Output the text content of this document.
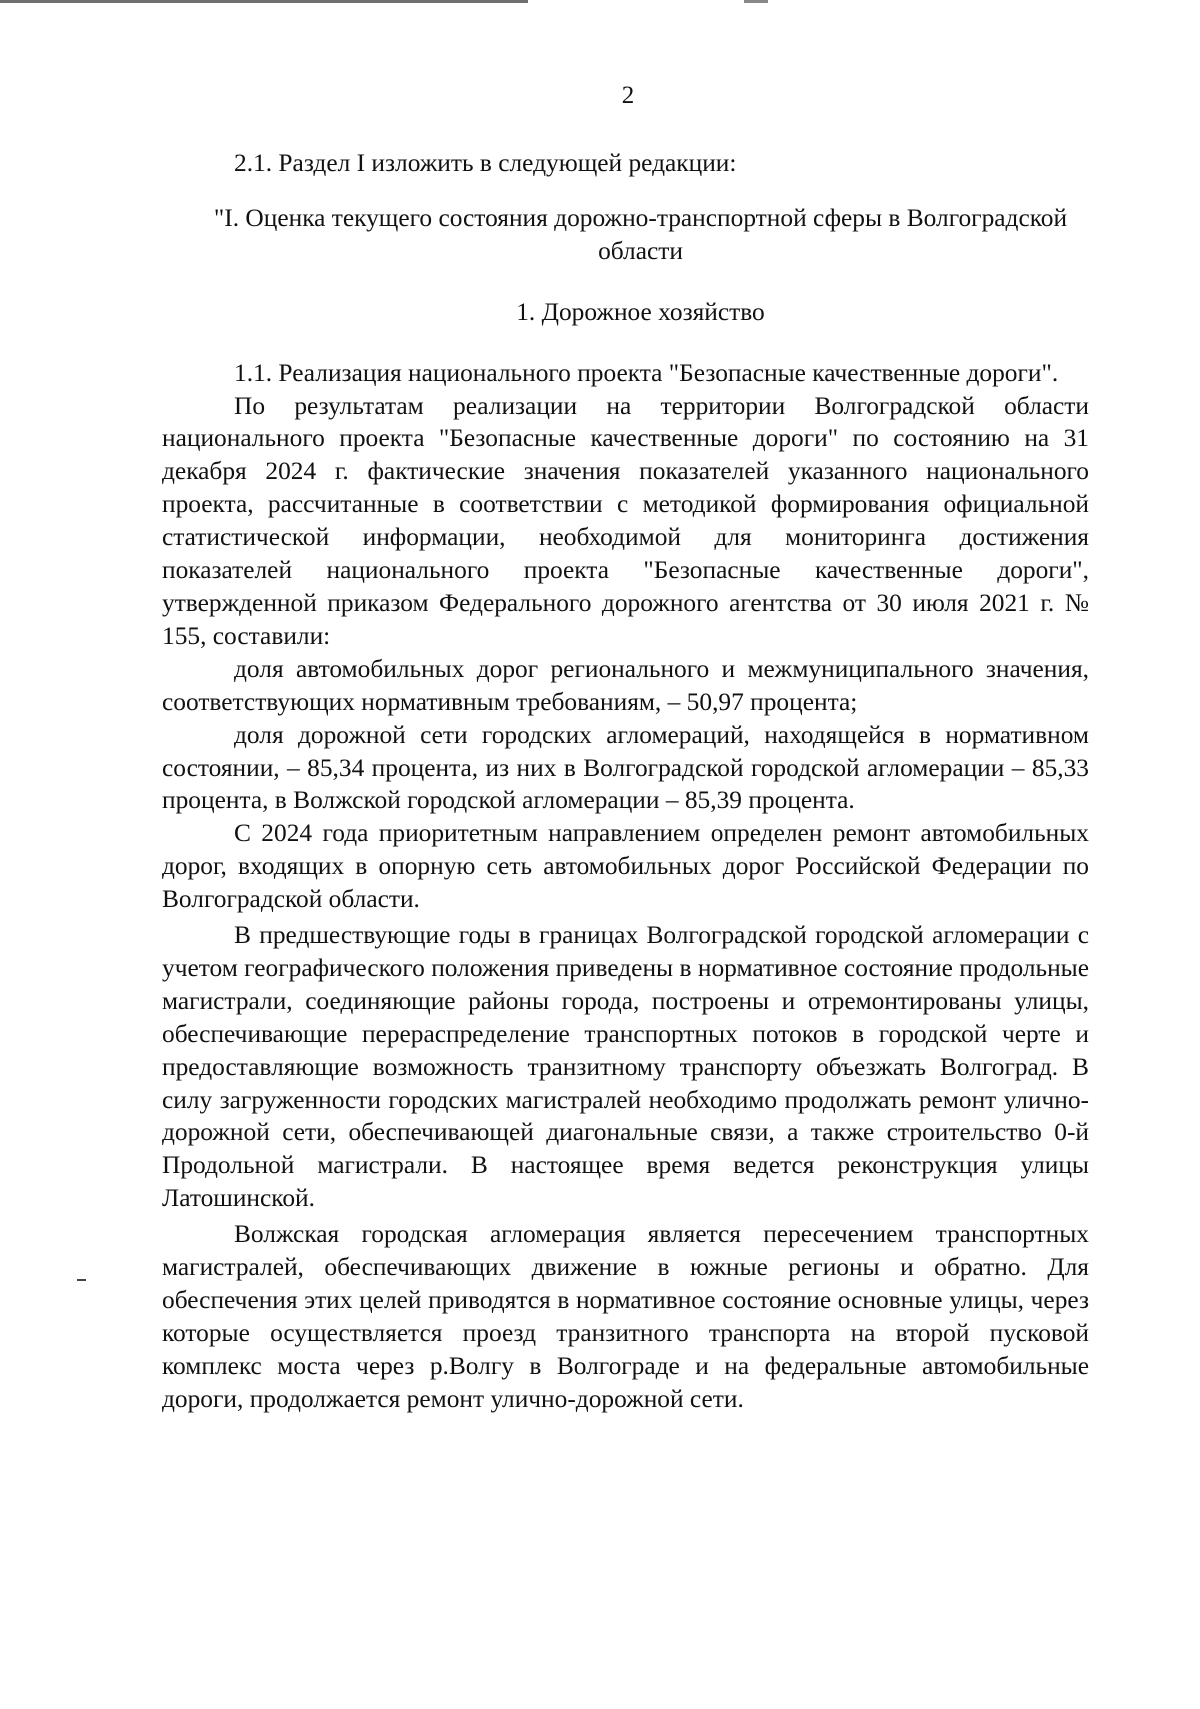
2

2.1. Раздел I изложить в следующей редакции:

"I. Оценка текущего состояния дорожно-транспортной сферы в Волгоградской области

1. Дорожное хозяйство

1.1. Реализация национального проекта "Безопасные качественные дороги".

По результатам реализации на территории Волгоградской области национального проекта "Безопасные качественные дороги" по состоянию на 31 декабря 2024 г. фактические значения показателей указанного национального проекта, рассчитанные в соответствии с методикой формирования официальной статистической информации, необходимой для мониторинга достижения показателей национального проекта "Безопасные качественные дороги", утвержденной приказом Федерального дорожного агентства от 30 июля 2021 г. № 155, составили:

доля автомобильных дорог регионального и межмуниципального значения, соответствующих нормативным требованиям, – 50,97 процента;

доля дорожной сети городских агломераций, находящейся в нормативном состоянии, – 85,34 процента, из них в Волгоградской городской агломерации – 85,33 процента, в Волжской городской агломерации – 85,39 процента.

С 2024 года приоритетным направлением определен ремонт автомобильных дорог, входящих в опорную сеть автомобильных дорог Российской Федерации по Волгоградской области.

В предшествующие годы в границах Волгоградской городской агломерации с учетом географического положения приведены в нормативное состояние продольные магистрали, соединяющие районы города, построены и отремонтированы улицы, обеспечивающие перераспределение транспортных потоков в городской черте и предоставляющие возможность транзитному транспорту объезжать Волгоград. В силу загруженности городских магистралей необходимо продолжать ремонт улично-дорожной сети, обеспечивающей диагональные связи, а также строительство 0-й Продольной магистрали. В настоящее время ведется реконструкция улицы Латошинской.

Волжская городская агломерация является пересечением транспортных магистралей, обеспечивающих движение в южные регионы и обратно. Для обеспечения этих целей приводятся в нормативное состояние основные улицы, через которые осуществляется проезд транзитного транспорта на второй пусковой комплекс моста через р.Волгу в Волгограде и на федеральные автомобильные дороги, продолжается ремонт улично-дорожной сети.
